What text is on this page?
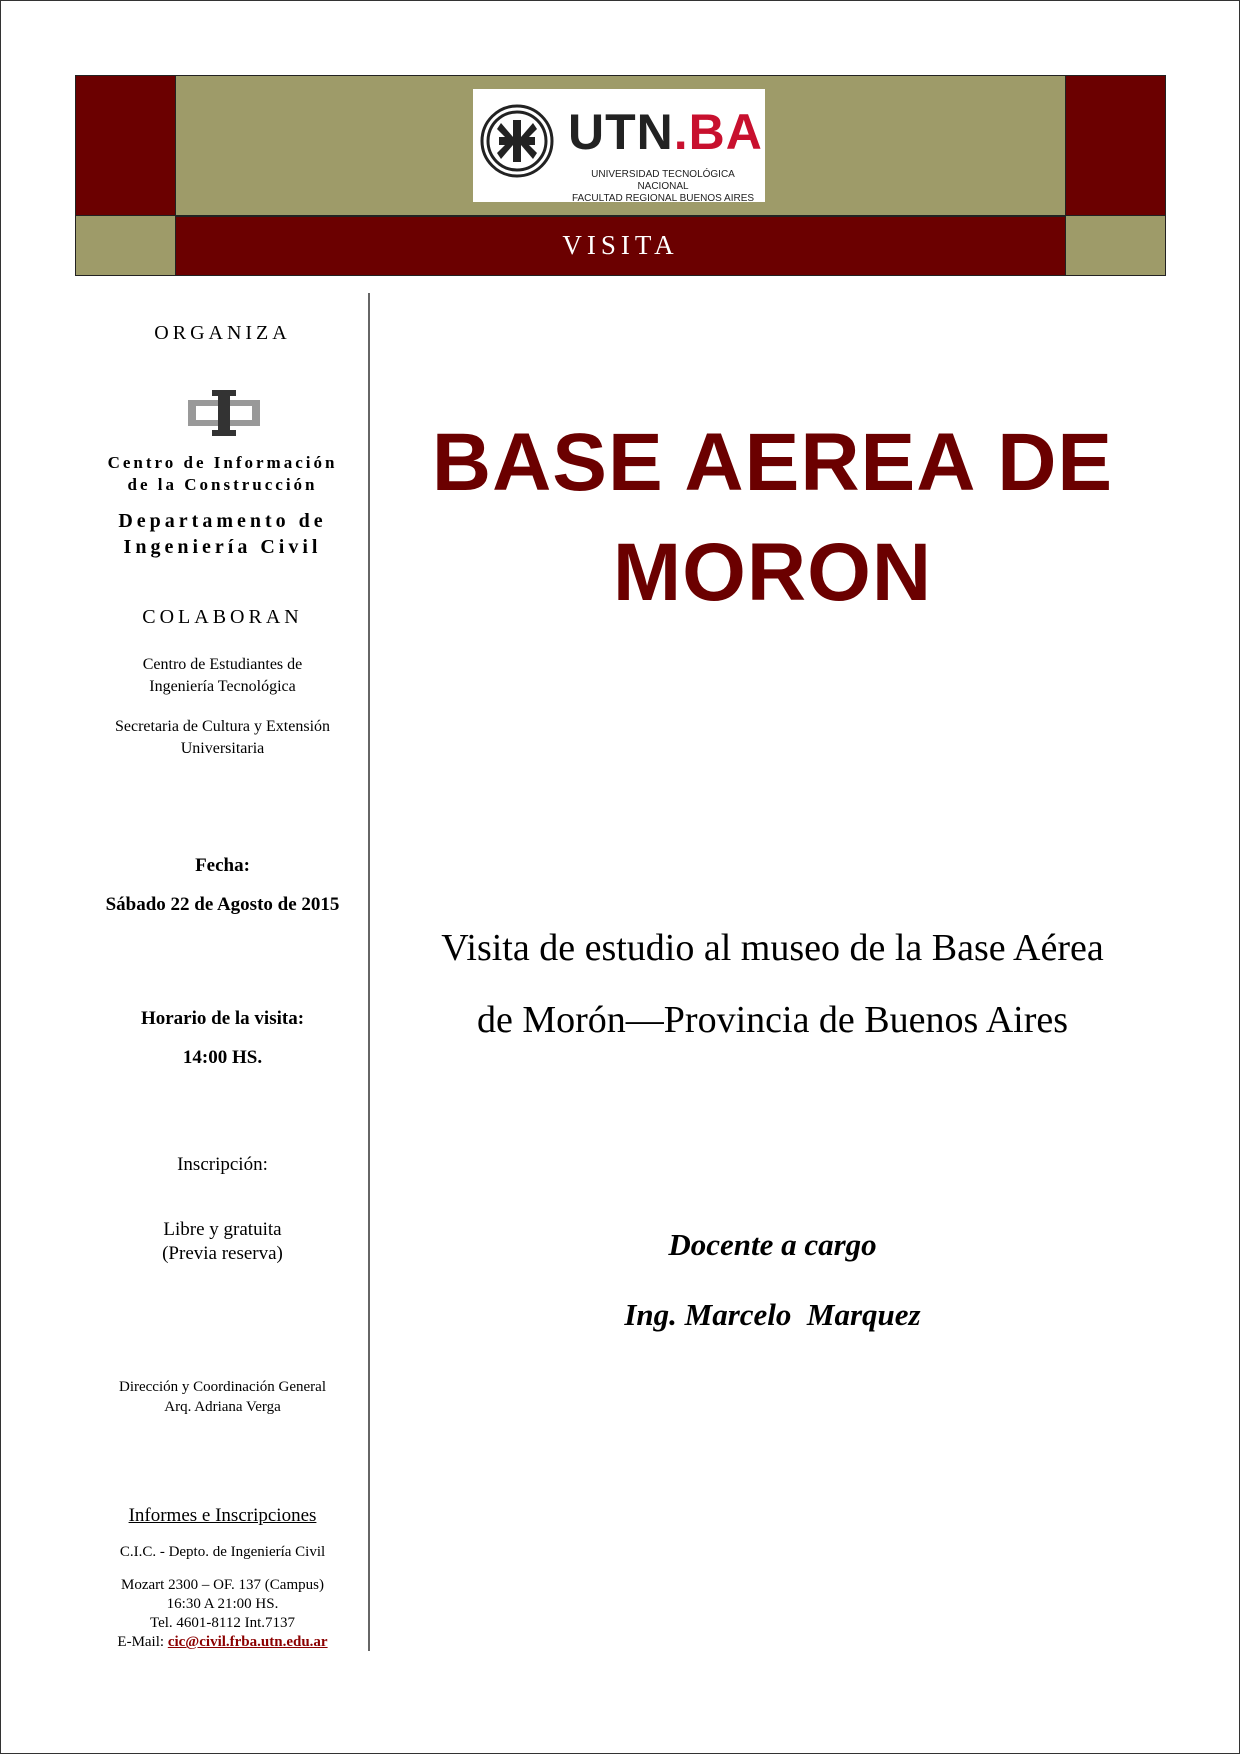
UTN.BA
UNIVERSIDAD TECNOLÓGICA NACIONAL
FACULTAD REGIONAL BUENOS AIRES
VISITA
ORGANIZA
Centro de Información
de la Construcción
Departamento de
Ingeniería Civil
COLABORAN
Centro de Estudiantes de
Ingeniería Tecnológica
Secretaria de Cultura y Extensión
Universitaria
Fecha:
Sábado 22 de Agosto de 2015
Horario de la visita:
14:00 HS.
Inscripción:
Libre y gratuita
(Previa reserva)
Dirección y Coordinación General
Arq. Adriana Verga
Informes e Inscripciones
C.I.C. - Depto. de Ingeniería Civil
Mozart 2300 – OF. 137 (Campus)
16:30 A 21:00 HS.
Tel. 4601-8112 Int.7137
E-Mail: cic@civil.frba.utn.edu.ar
BASE AEREA DE
MORON
Visita de estudio al museo de la Base Aérea
de Morón—Provincia de Buenos Aires
Docente a cargo
Ing. Marcelo  Marquez
